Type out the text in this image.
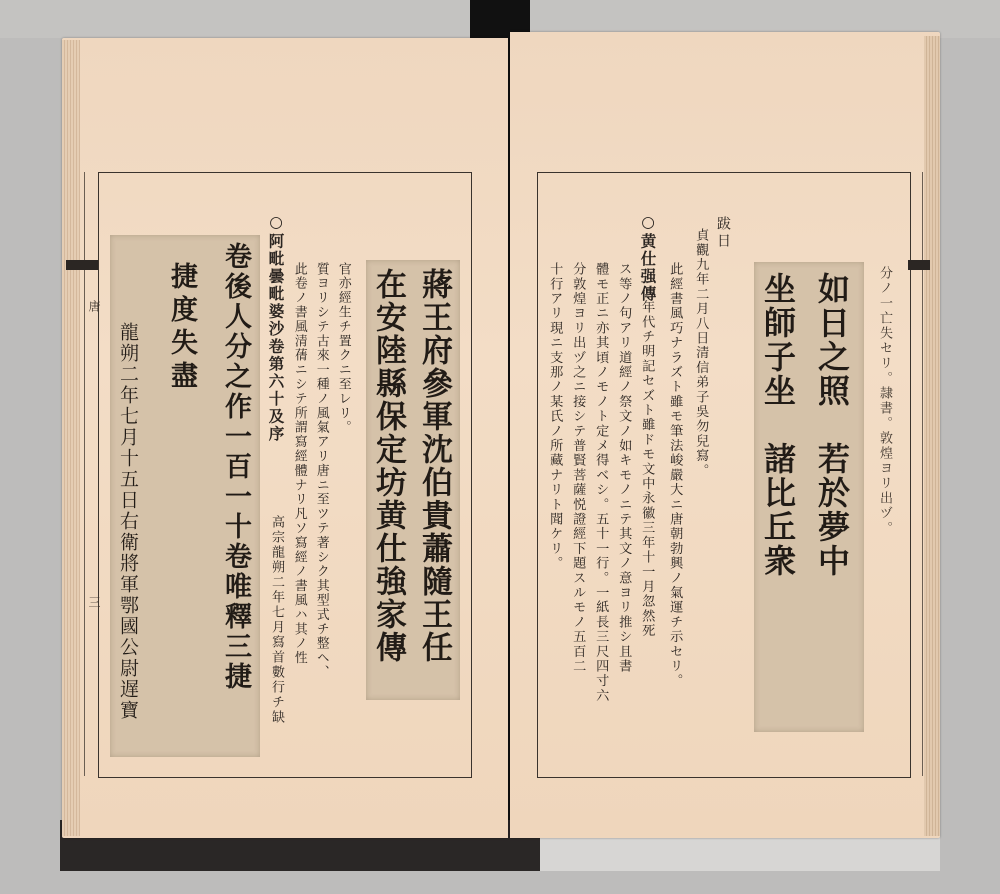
唐
三	卷後人分之作一百一十卷唯釋三捷
捷度失盡
龍朔二年七月十五日右衛將軍鄂國公尉遅寶	○阿毗曇毗婆沙卷第六十及序 此卷ノ書風清蒨ニシテ所謂寫經體ナリ凡ソ寫經ノ書風ハ其ノ性 質ヨリシテ古來一種ノ風氣アリ唐ニ至ツテ著シク其型式チ整ヘ、 官亦經生チ置クニ至レリ。
高宗龍朔二年七月寫首數行チ缺	蔣王府參軍沈伯貴蕭隨王任
在安陸縣保定坊黄仕強家傳	分ノ一亡失セリ。隷書。敦煌ヨリ出ヅ。
十行アリ現ニ支那ノ某氏ノ所藏ナリト聞ケリ。 分敦煌ヨリ出ヅ之ニ接シテ普賢菩薩悦證經下題スルモノ五百二 體モ正ニ亦其頃ノモノト定メ得ベシ。五十一行。一紙長三尺四寸六 ス等ノ句アリ道經ノ祭文ノ如キモノニテ其文ノ意ヨリ推シ且書 年代チ明記セズト雖ドモ文中永徽三年十一月忽然死
○黄仕强傳
此經書風巧ナラズト雖モ筆法峻嚴大ニ唐朝勃興ノ氣運チ示セリ。 貞觀九年二月八日清信弟子吳勿兒寫。 跋日
如日之照　若於夢中
坐師子坐　諸比丘衆
